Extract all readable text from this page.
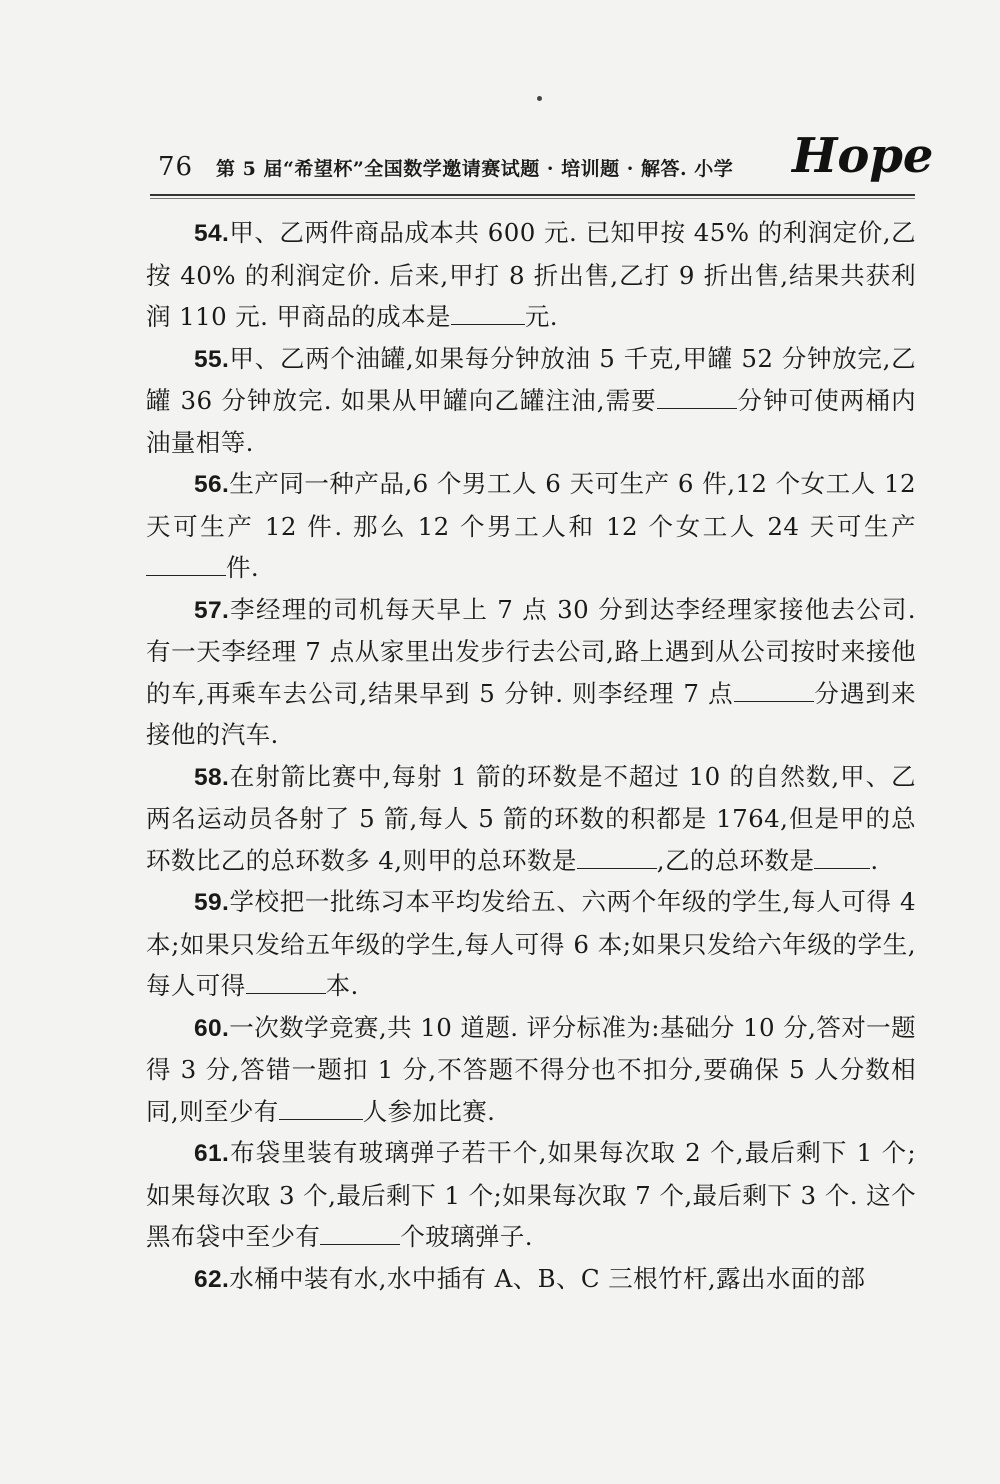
76 第 5 届“希望杯”全国数学邀请赛试题 · 培训题 · 解答. 小学 Hope

54.甲、乙两件商品成本共 600 元. 已知甲按 45% 的利润定价,乙按 40% 的利润定价. 后来,甲打 8 折出售,乙打 9 折出售,结果共获利润 110 元. 甲商品的成本是	元.

55.甲、乙两个油罐,如果每分钟放油 5 千克,甲罐 52 分钟放完,乙罐 36 分钟放完. 如果从甲罐向乙罐注油,需要	分钟可使两桶内油量相等.

56.生产同一种产品,6 个男工人 6 天可生产 6 件,12 个女工人 12 天可生产 12 件. 那么 12 个男工人和 12 个女工人 24 天可生产件.

57.李经理的司机每天早上 7 点 30 分到达李经理家接他去公司. 有一天李经理 7 点从家里出发步行去公司,路上遇到从公司按时来接他的车,再乘车去公司,结果早到 5 分钟. 则李经理 7 点	分遇到来接他的汽车.

58.在射箭比赛中,每射 1 箭的环数是不超过 10 的自然数,甲、乙两名运动员各射了 5 箭,每人 5 箭的环数的积都是 1764,但是甲的总环数比乙的总环数多 4,则甲的总环数是	,乙的总环数是 .

59.学校把一批练习本平均发给五、六两个年级的学生,每人可得 4 本;如果只发给五年级的学生,每人可得 6 本;如果只发给六年级的学生,每人可得	本.

60.一次数学竞赛,共 10 道题. 评分标准为:基础分 10 分,答对一题得 3 分,答错一题扣 1 分,不答题不得分也不扣分,要确保 5 人分数相同,则至少有	人参加比赛.

61.布袋里装有玻璃弹子若干个,如果每次取 2 个,最后剩下 1 个;如果每次取 3 个,最后剩下 1 个;如果每次取 7 个,最后剩下 3 个. 这个黑布袋中至少有	个玻璃弹子.

62.水桶中装有水,水中插有 A、B、C 三根竹杆,露出水面的部
